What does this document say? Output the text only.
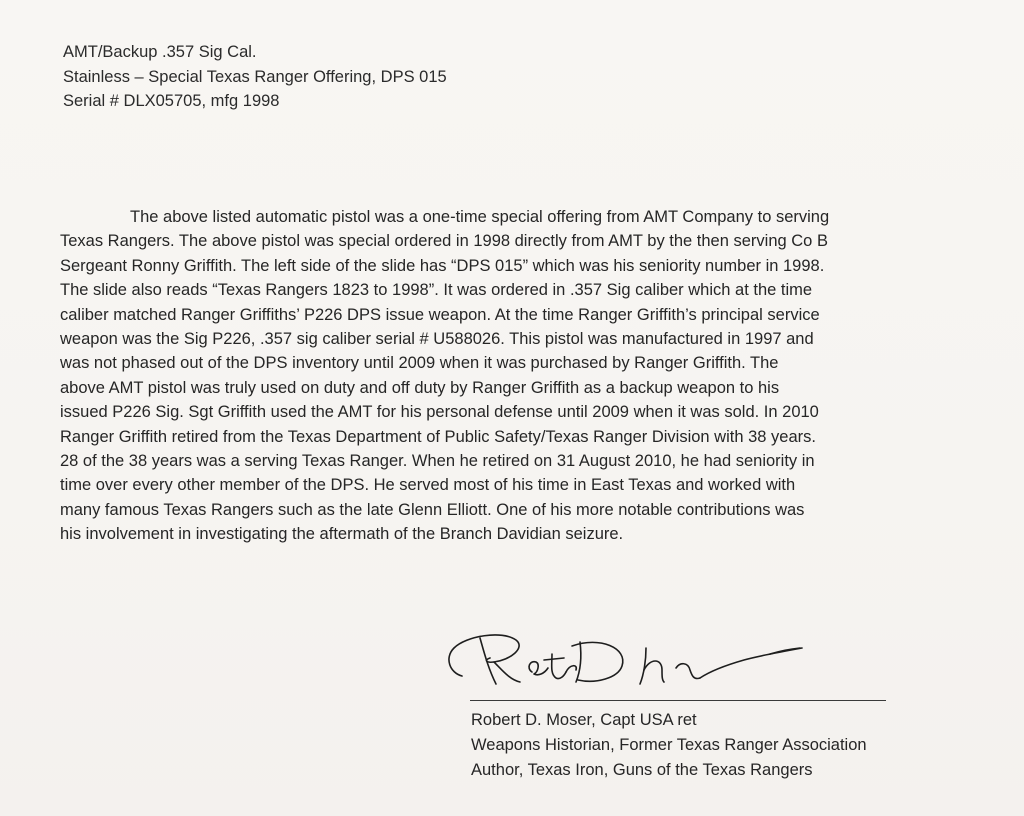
AMT/Backup .357 Sig Cal.
Stainless – Special Texas Ranger Offering, DPS 015
Serial # DLX05705, mfg 1998
The above listed automatic pistol was a one-time special offering from AMT Company to serving
Texas Rangers. The above pistol was special ordered in 1998 directly from AMT by the then serving Co B
Sergeant Ronny Griffith. The left side of the slide has “DPS 015” which was his seniority number in 1998.
The slide also reads “Texas Rangers 1823 to 1998”. It was ordered in .357 Sig caliber which at the time
caliber matched Ranger Griffiths’ P226 DPS issue weapon. At the time Ranger Griffith’s principal service
weapon was the Sig P226, .357 sig caliber serial # U588026. This pistol was manufactured in 1997 and
was not phased out of the DPS inventory until 2009 when it was purchased by Ranger Griffith. The
above AMT pistol was truly used on duty and off duty by Ranger Griffith as a backup weapon to his
issued P226 Sig. Sgt Griffith used the AMT for his personal defense until 2009 when it was sold. In 2010
Ranger Griffith retired from the Texas Department of Public Safety/Texas Ranger Division with 38 years.
28 of the 38 years was a serving Texas Ranger. When he retired on 31 August 2010, he had seniority in
time over every other member of the DPS. He served most of his time in East Texas and worked with
many famous Texas Rangers such as the late Glenn Elliott. One of his more notable contributions was
his involvement in investigating the aftermath of the Branch Davidian seizure.
Robert D. Moser, Capt USA ret
Weapons Historian, Former Texas Ranger Association
Author, Texas Iron, Guns of the Texas Rangers
